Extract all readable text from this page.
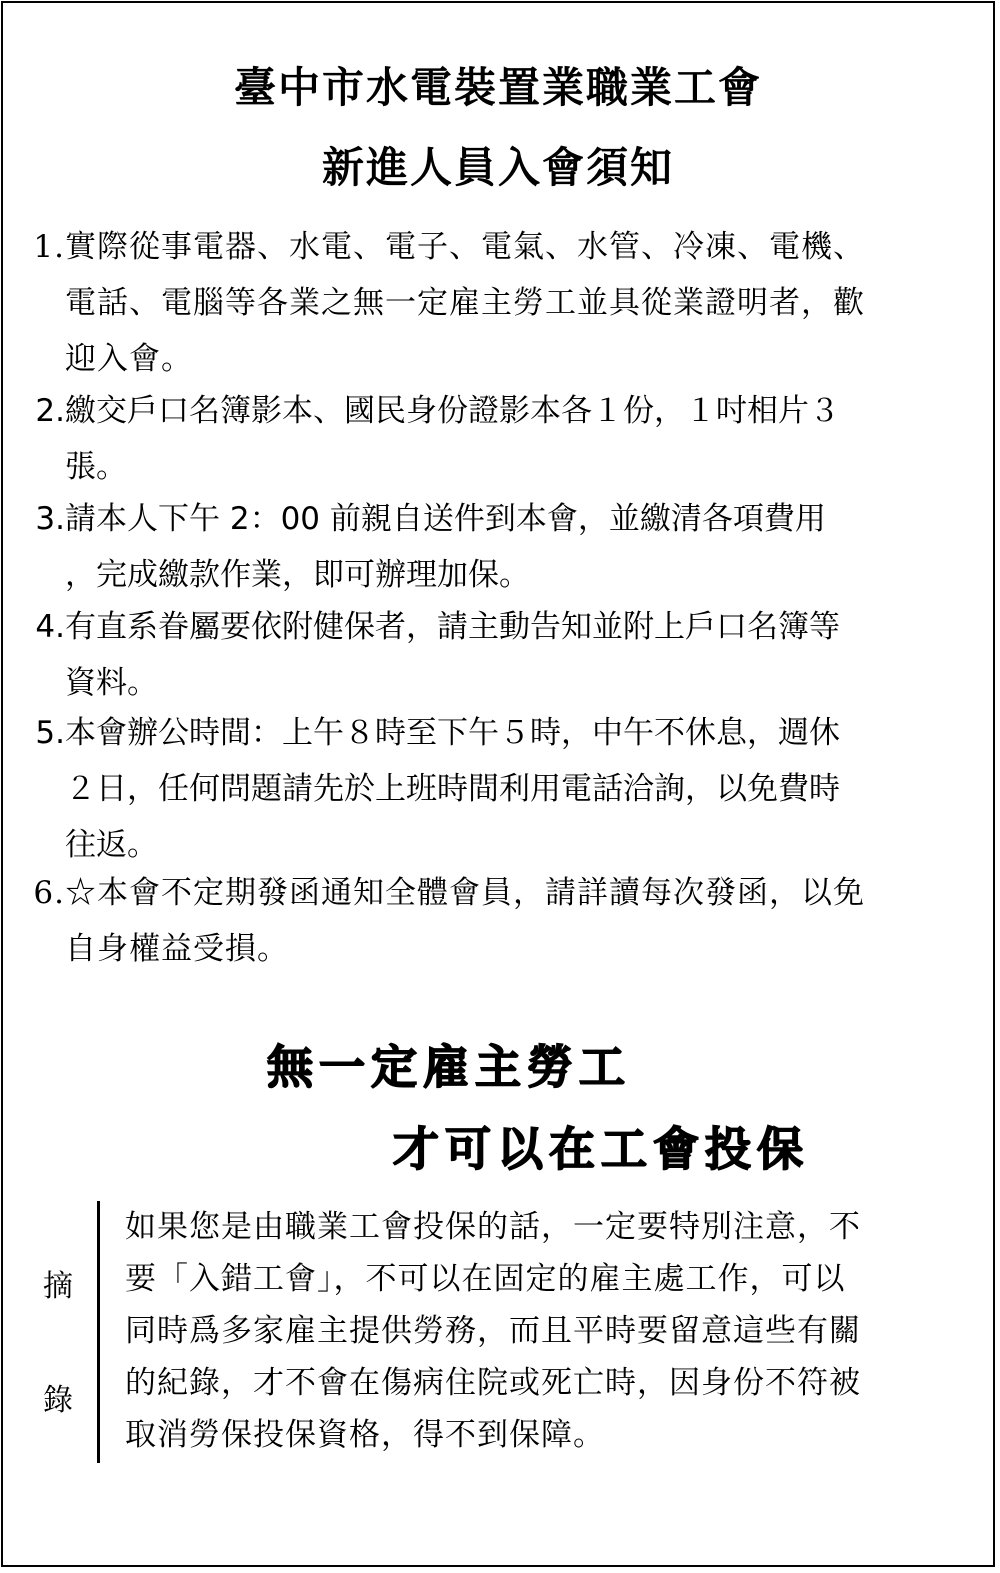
臺中市水電裝置業職業工會
新進人員入會須知
1.實際從事電器、水電、電子、電氣、水管、冷凍、電機、
電話、電腦等各業之無一定雇主勞工並具從業證明者，歡
迎入會。
2.繳交戶口名簿影本、國民身份證影本各１份，１吋相片３
張。
3.請本人下午 2：00 前親自送件到本會，並繳清各項費用
，完成繳款作業，即可辦理加保。
4.有直系眷屬要依附健保者，請主動告知並附上戶口名簿等
資料。
5.本會辦公時間：上午８時至下午５時，中午不休息，週休
２日，任何問題請先於上班時間利用電話洽詢，以免費時
往返。
6.☆本會不定期發函通知全體會員，請詳讀每次發函，以免
自身權益受損。
無一定雇主勞工
才可以在工會投保
摘
錄
如果您是由職業工會投保的話，一定要特別注意，不
要「入錯工會」，不可以在固定的雇主處工作，可以
同時爲多家雇主提供勞務，而且平時要留意這些有關
的紀錄，才不會在傷病住院或死亡時，因身份不符被
取消勞保投保資格，得不到保障。
